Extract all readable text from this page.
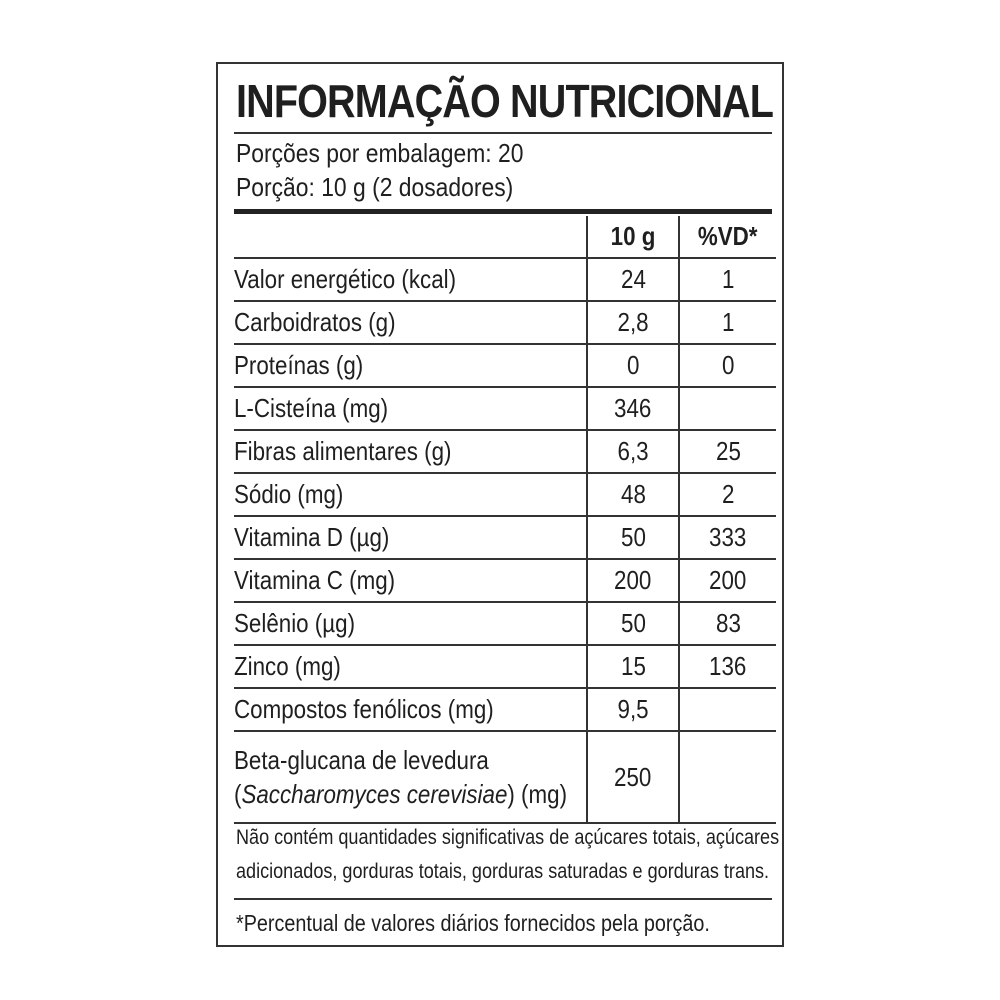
INFORMAÇÃO NUTRICIONAL
Porções por embalagem: 20
Porção: 10 g (2 dosadores)
	10 g	%VD*
Valor energético (kcal)	24	1
Carboidratos (g)	2,8	1
Proteínas (g)	0	0
L-Cisteína (mg)	346	
Fibras alimentares (g)	6,3	25
Sódio (mg)	48	2
Vitamina D (µg)	50	333
Vitamina C (mg)	200	200
Selênio (µg)	50	83
Zinco (mg)	15	136
Compostos fenólicos (mg)	9,5	
Beta-glucana de levedura
(Saccharomyces cerevisiae) (mg)	250	
Não contém quantidades significativas de açúcares totais, açúcares
adicionados, gorduras totais, gorduras saturadas e gorduras trans.
*Percentual de valores diários fornecidos pela porção.
